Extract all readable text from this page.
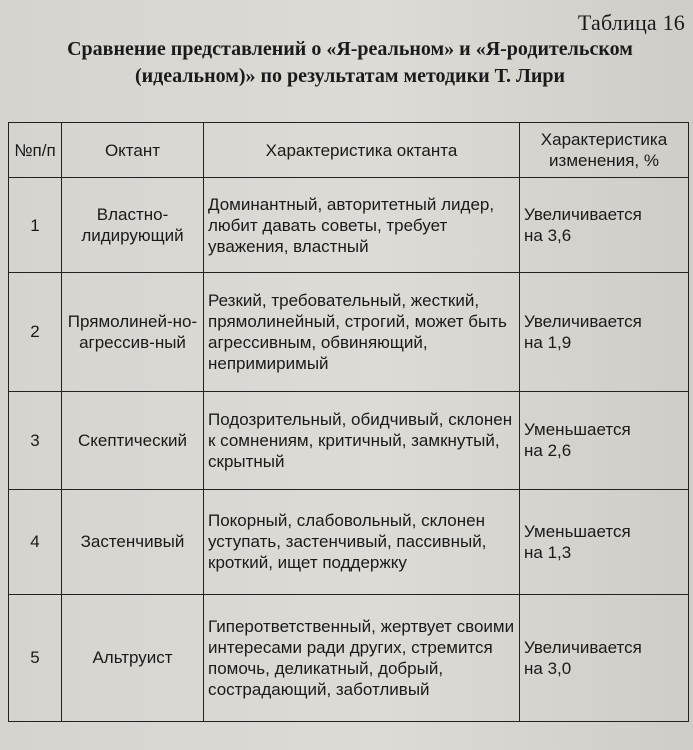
Таблица 16
Сравнение представлений о «Я-реальном» и «Я-родительском (идеальном)» по результатам методики Т. Лири
№п/п	Октант	Характеристика октанта	Характеристика изменения, %
1	Властно-лидирующий	Доминантный, авторитетный лидер, любит давать советы, требует уважения, властный	Увеличивается
на 3,6

2	Прямолиней-но-агрессив-ный	Резкий, требовательный, жесткий, прямолинейный, строгий, может быть агрессивным, обвиняющий, непримиримый	Увеличивается
на 1,9

3	Скептический	Подозрительный, обидчивый, склонен к сомнениям, критичный, замкнутый, скрытный	Уменьшается
на 2,6

4	Застенчивый	Покорный, слабовольный, склонен уступать, застенчивый, пассивный, кроткий, ищет поддержку	Уменьшается
на 1,3

5	Альтруист	Гиперответственный, жертвует своими интересами ради других, стремится помочь, деликатный, добрый, сострадающий, заботливый	Увеличивается
на 3,0
